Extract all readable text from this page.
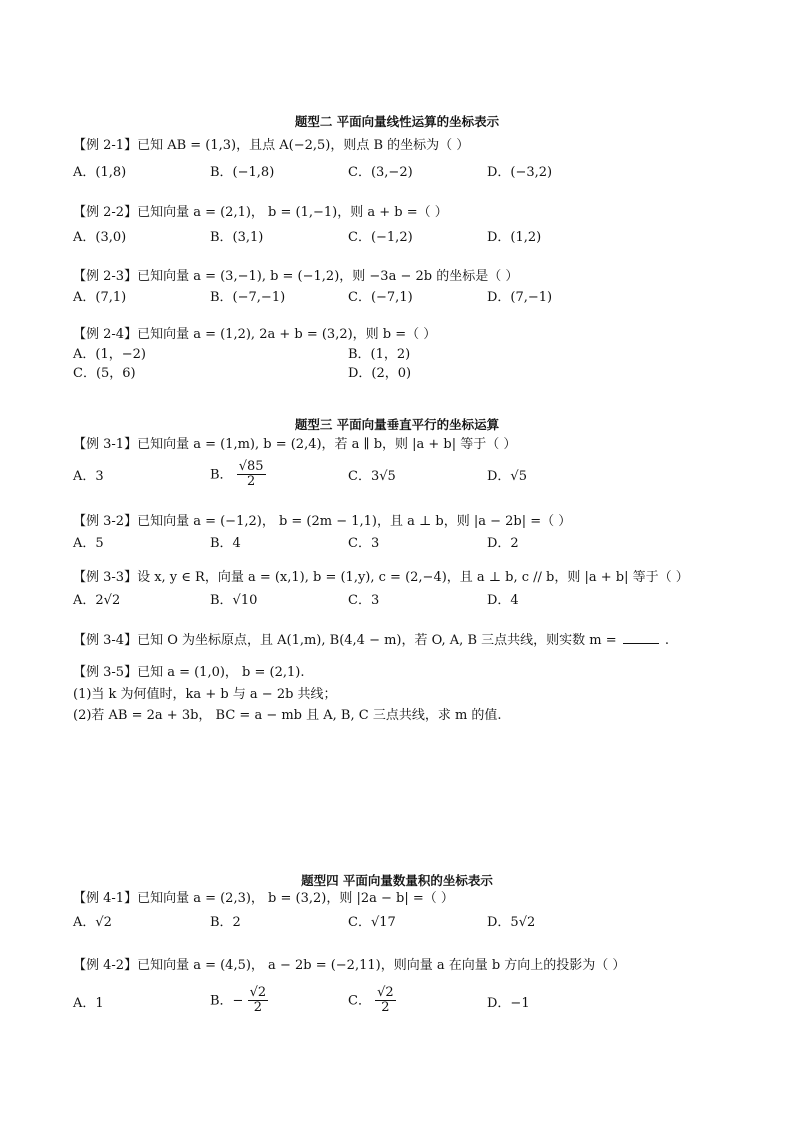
题型二 平面向量线性运算的坐标表示
【例 2-1】已知 AB = (1,3)，且点 A(−2,5)，则点 B 的坐标为（ ）
A．(1,8)	B．(−1,8)	C．(3,−2)	D．(−3,2)
【例 2-2】已知向量 a = (2,1)， b = (1,−1)，则 a + b =（ ）
A．(3,0)	B．(3,1)	C．(−1,2)	D．(1,2)
【例 2-3】已知向量 a = (3,−1), b = (−1,2)，则 −3a − 2b 的坐标是（ ）
A．(7,1)	B．(−7,−1)	C．(−7,1)	D．(7,−1)
【例 2-4】已知向量 a = (1,2), 2a + b = (3,2)，则 b =（ ）
A．(1，−2)	B．(1，2)
C．(5，6)	D．(2，0)
题型三 平面向量垂直平行的坐标运算
【例 3-1】已知向量 a = (1,m), b = (2,4)，若 a ∥ b，则 |a + b| 等于（ ）
A．3	B． $\frac{√85}{2}$	C．3√5	D．√5
【例 3-2】已知向量 a = (−1,2)， b = (2m − 1,1)，且 a ⊥ b，则 |a − 2b| =（ ）
A．5	B．4	C．3	D．2
【例 3-3】设 x, y ∈ R，向量 a = (x,1), b = (1,y), c = (2,−4)，且 a ⊥ b, c // b，则 |a + b| 等于（ ）
A．2√2	B．√10	C．3	D．4
【例 3-4】已知 O 为坐标原点，且 A(1,m), B(4,4 − m)，若 O, A, B 三点共线，则实数 m =	.
【例 3-5】已知 a = (1,0)， b = (2,1).
(1)当 k 为何值时，ka + b 与 a − 2b 共线；
(2)若 AB = 2a + 3b， BC = a − mb 且 A, B, C 三点共线，求 m 的值.
题型四 平面向量数量积的坐标表示
【例 4-1】已知向量 a = (2,3)， b = (3,2)，则 |2a − b| =（ ）
A．√2	B．2	C．√17	D．5√2
【例 4-2】已知向量 a = (4,5)， a − 2b = (−2,11)，则向量 a 在向量 b 方向上的投影为（ ）
A．1	B．− $\frac{√2}{2}$	C． $\frac{√2}{2}$	D．−1
